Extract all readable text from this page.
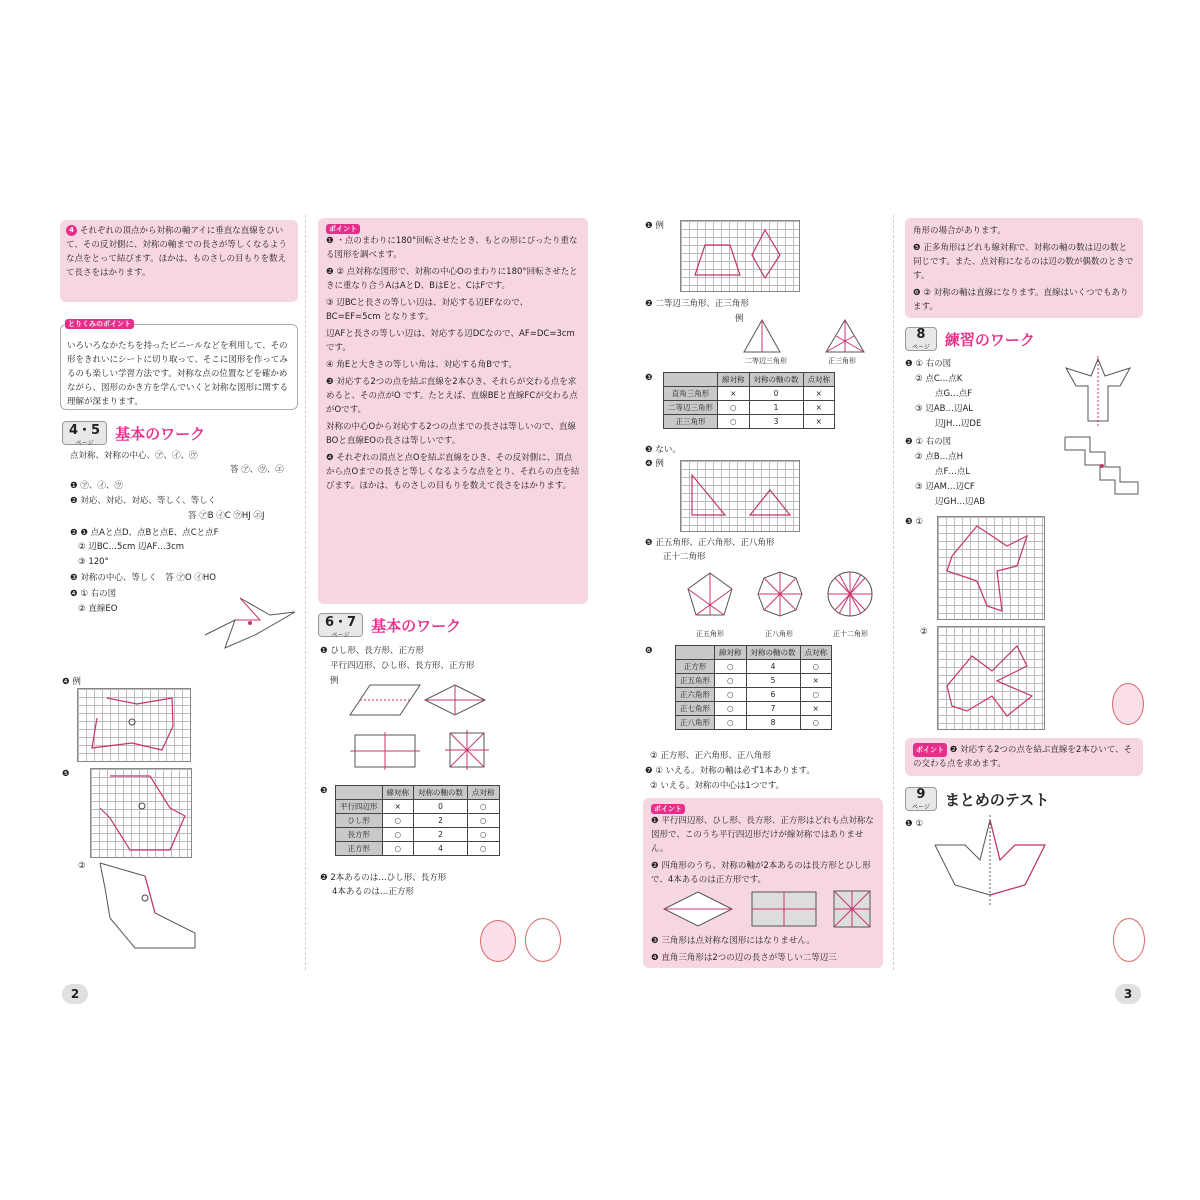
4 それぞれの頂点から対称の軸アイに垂直な直線をひいて、その反対側に、対称の軸までの長さが等しくなるような点をとって結びます。ほかは、ものさしの目もりを数えて長さをはかります。

とりくみのポイント

いろいろなかたちを持ったビニールなどを利用して、その形をきれいにシートに切り取って、そこに図形を作ってみるのも楽しい学習方法です。対称な点の位置などを確かめながら、図形のかき方を学んでいくと対称な図形に関する理解が深まります。

4・5
ページ
基本のワーク
点対称、対称の中心、㋐、㋑、㋒
答 ㋐、㋒、㋓
❶ ㋐、㋑、㋒
❷ 対応、対応、対応、等しく、等しく
答 ㋐B ㋑C ㋒HJ ㋓J
❷ ❶ 点Aと点D、点Bと点E、点Cと点F
② 辺BC…5cm 辺AF…3cm
③ 120°
❸ 対称の中心、等しく　答 ㋐O ㋑HO
❹ ① 右の図
② 直線EO
❹ 例
❺
②
2
ポイント

❶ ・点のまわりに180°回転させたとき、もとの形にぴったり重なる図形を調べます。

❷ ② 点対称な図形で、対称の中心Oのまわりに180°回転させたときに重なり合うAはAとD、BはEと、CはFです。

③ 辺BCと長さの等しい辺は、対応する辺EFなので、BC=EF=5cm となります。

辺AFと長さの等しい辺は、対応する辺DCなので、AF=DC=3cm です。

④ 角Eと大きさの等しい角は、対応する角Bです。

❸ 対応する2つの点を結ぶ直線を2本ひき、それらが交わる点を求めると、その点がO です。たとえば、直線BEと直線FCが交わる点がOです。

対称の中心Oから対応する2つの点までの長さは等しいので、直線BOと直線EOの長さは等しいです。

❹ それぞれの頂点と点Oを結ぶ直線をひき、その反対側に、頂点から点Oまでの長さと等しくなるような点をとり、それらの点を結びます。ほかは、ものさしの目もりを数えて長さをはかります。

6・7
ページ
基本のワーク
❶ ひし形、長方形、正方形
平行四辺形、ひし形、長方形、正方形
例
❸
		線対称	対称の軸の数	点対称
平行四辺形	×	0	○
ひし形	○	2	○
長方形	○	2	○
正方形	○	4	○
❷ 2本あるのは…ひし形、長方形
4本あるのは…正方形
❶ 例
❷ 二等辺三角形、正三角形
例
二等辺三角形	正三角形
❸
		線対称	対称の軸の数	点対称
直角三角形	×	0	×
二等辺三角形	○	1	×
正三角形	○	3	×
❸ ない。
❹ 例
❺ 正五角形、正六角形、正八角形
正十二角形
正五角形	正八角形	正十二角形
❻
		線対称	対称の軸の数	点対称
正方形	○	4	○
正五角形	○	5	×
正六角形	○	6	○
正七角形	○	7	×
正八角形	○	8	○
② 正方形、正六角形、正八角形
❼ ① いえる。対称の軸は必ず1本あります。
② いえる。対称の中心は1つです。
ポイント

❶ 平行四辺形、ひし形、長方形、正方形はどれも点対称な図形で、このうち平行四辺形だけが線対称ではありません。

❷ 四角形のうち、対称の軸が2本あるのは長方形とひし形で、4本あるのは正方形です。

❸ 三角形は点対称な図形にはなりません。

❹ 直角三角形は2つの辺の長さが等しい二等辺三

角形の場合があります。

❺ 正多角形はどれも線対称で、対称の軸の数は辺の数と同じです。また、点対称になるのは辺の数が偶数のときです。

❻ ② 対称の軸は直線になります。直線はいくつでもあります。

8
ページ 練習のワーク
❶ ① 右の図
② 点C…点K
点G…点F
③ 辺AB…辺AL
辺JH…辺DE
❷ ① 右の図
② 点B…点H
点F…点L
③ 辺AM…辺CF
辺GH…辺AB
❸ ①
②

ポイント ❷ 対応する2つの点を結ぶ直線を2本ひいて、その交わる点を求めます。

9
ページ まとめのテスト
❶ ①
3
